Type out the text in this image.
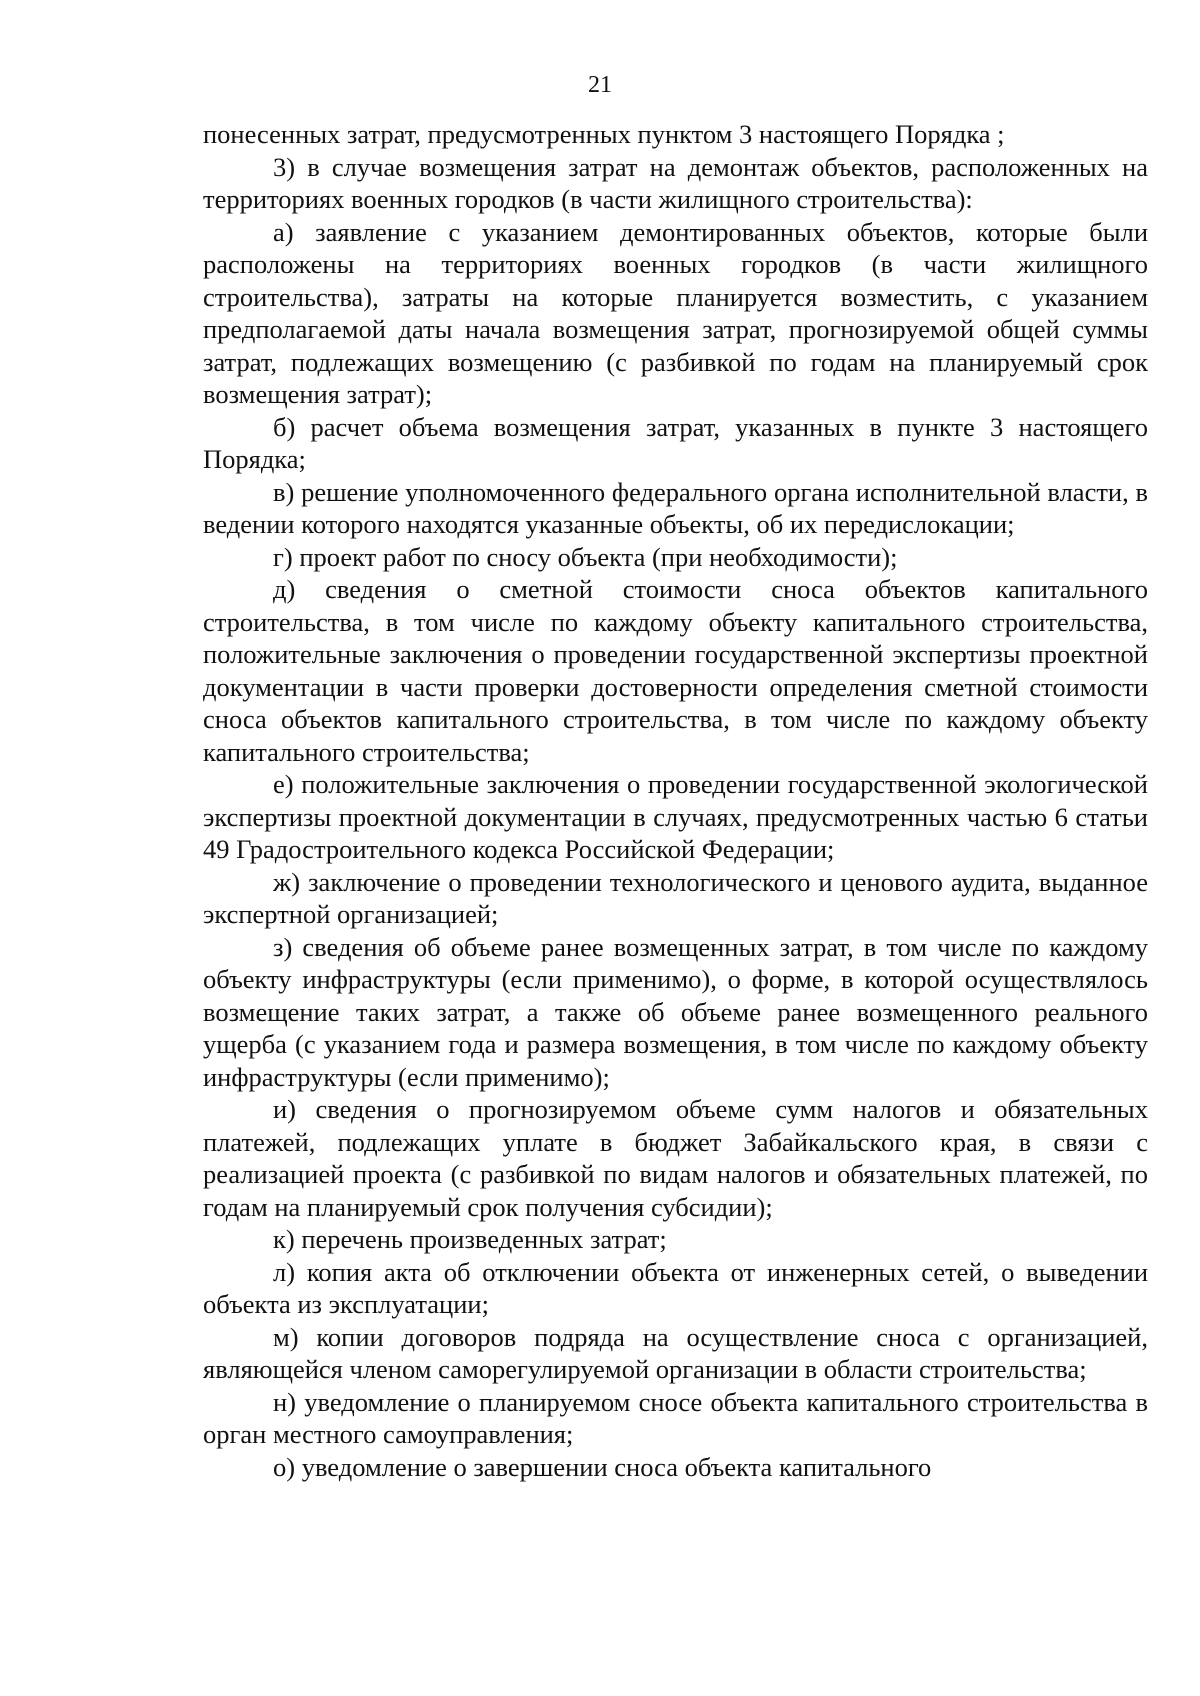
21

понесенных затрат, предусмотренных пунктом 3 настоящего Порядка ;

3) в случае возмещения затрат на демонтаж объектов, расположенных на территориях военных городков (в части жилищного строительства):

а) заявление с указанием демонтированных объектов, которые были расположены на территориях военных городков (в части жилищного строительства), затраты на которые планируется возместить, с указанием предполагаемой даты начала возмещения затрат, прогнозируемой общей суммы затрат, подлежащих возмещению (с разбивкой по годам на планируемый срок возмещения затрат);

б) расчет объема возмещения затрат, указанных в пункте 3 настоящего Порядка;

в) решение уполномоченного федерального органа исполнительной власти, в ведении которого находятся указанные объекты, об их передислокации;

г) проект работ по сносу объекта (при необходимости);

д) сведения о сметной стоимости сноса объектов капитального строительства, в том числе по каждому объекту капитального строительства, положительные заключения о проведении государственной экспертизы проектной документации в части проверки достоверности определения сметной стоимости сноса объектов капитального строительства, в том числе по каждому объекту капитального строительства;

е) положительные заключения о проведении государственной экологической экспертизы проектной документации в случаях, предусмотренных частью 6 статьи 49 Градостроительного кодекса Российской Федерации;

ж) заключение о проведении технологического и ценового аудита, выданное экспертной организацией;

з) сведения об объеме ранее возмещенных затрат, в том числе по каждому объекту инфраструктуры (если применимо), о форме, в которой осуществлялось возмещение таких затрат, а также об объеме ранее возмещенного реального ущерба (с указанием года и размера возмещения, в том числе по каждому объекту инфраструктуры (если применимо);

и) сведения о прогнозируемом объеме сумм налогов и обязательных платежей, подлежащих уплате в бюджет Забайкальского края, в связи с реализацией проекта (с разбивкой по видам налогов и обязательных платежей, по годам на планируемый срок получения субсидии);

к) перечень произведенных затрат;

л) копия акта об отключении объекта от инженерных сетей, о выведении объекта из эксплуатации;

м) копии договоров подряда на осуществление сноса с организацией, являющейся членом саморегулируемой организации в области строительства;

н) уведомление о планируемом сносе объекта капитального строительства в орган местного самоуправления;

о) уведомление о завершении сноса объекта капитального
